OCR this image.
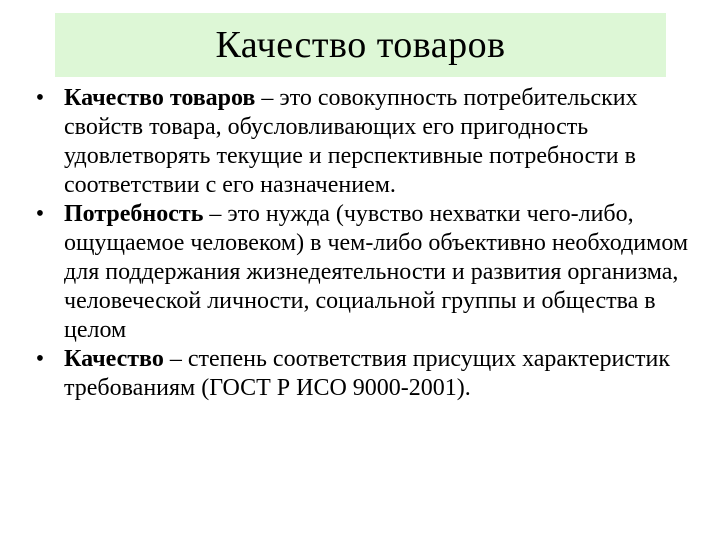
Качество товаров
• Качество товаров – это совокупность потребительских свойств товара, обусловливающих его пригодность удовлетворять текущие и перспективные потребности в соответствии с его назначением.
• Потребность – это нужда (чувство нехватки чего-либо, ощущаемое человеком) в чем-либо объективно необходимом для поддержания жизнедеятельности и развития организма, человеческой личности, социальной группы и общества в целом
• Качество – степень соответствия присущих характеристик требованиям (ГОСТ Р ИСО 9000-2001).
